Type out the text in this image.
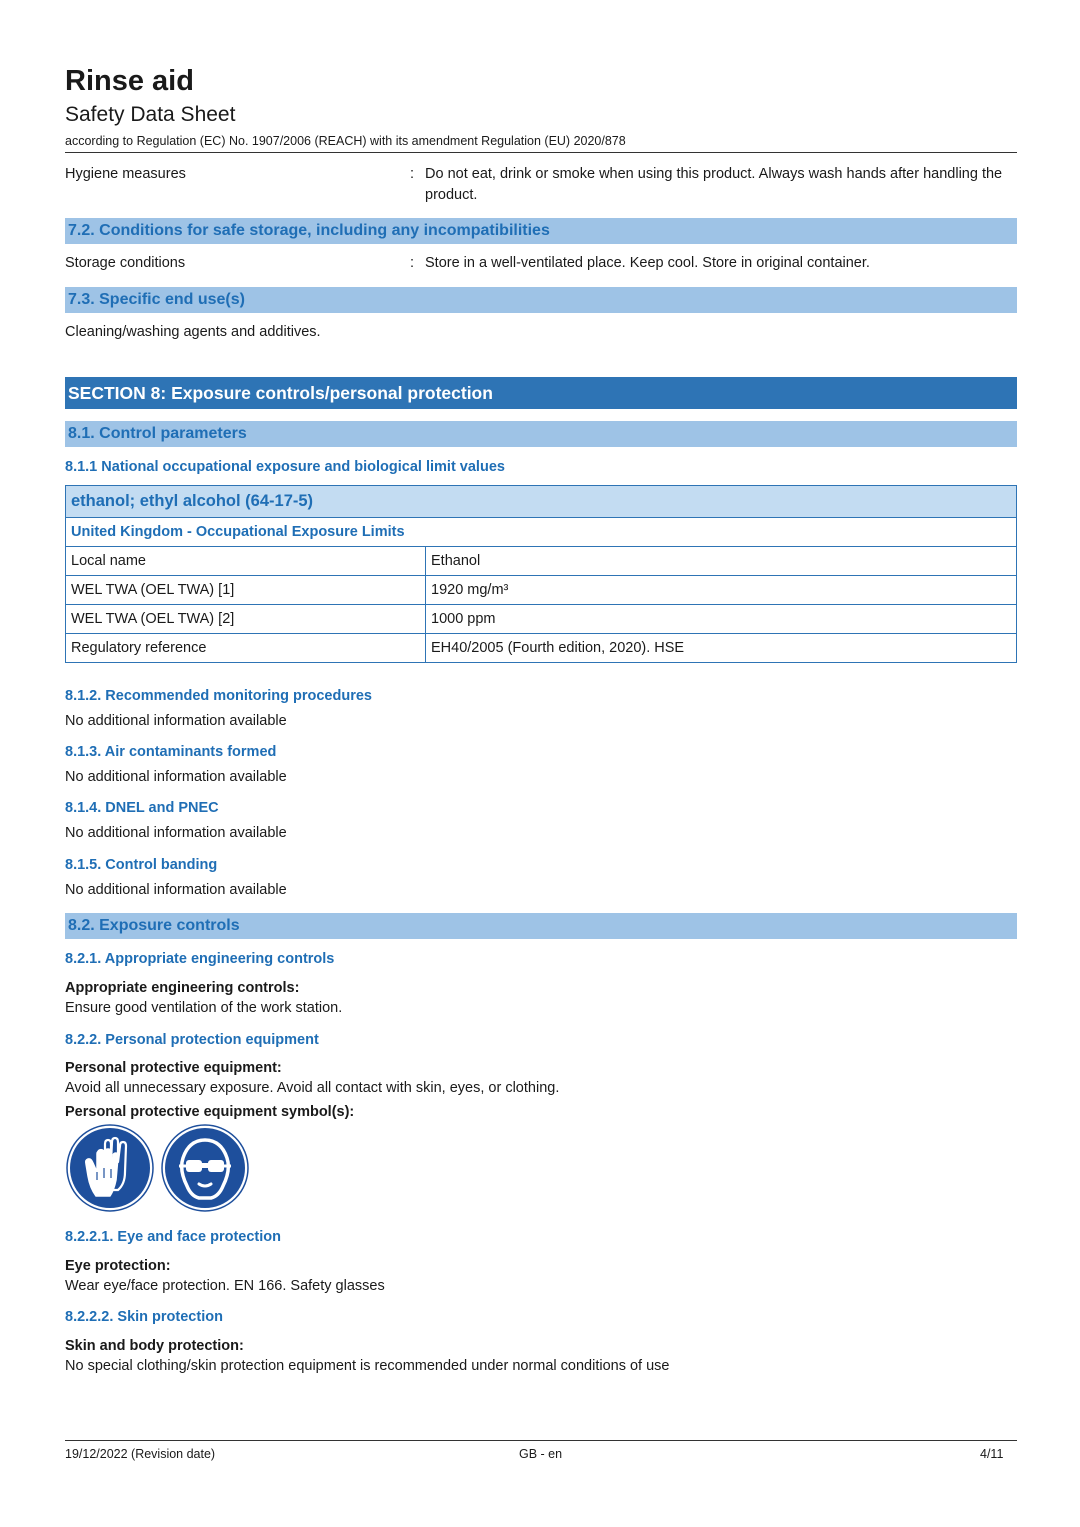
Rinse aid
Safety Data Sheet
according to Regulation (EC) No. 1907/2006 (REACH) with its amendment Regulation (EU) 2020/878
Hygiene measures	: Do not eat, drink or smoke when using this product. Always wash hands after handling the product.
7.2. Conditions for safe storage, including any incompatibilities
Storage conditions	: Store in a well-ventilated place. Keep cool. Store in original container.
7.3. Specific end use(s)
Cleaning/washing agents and additives.
SECTION 8: Exposure controls/personal protection
8.1. Control parameters
8.1.1 National occupational exposure and biological limit values
ethanol; ethyl alcohol (64-17-5)	
United Kingdom - Occupational Exposure Limits	
Local name	Ethanol
WEL TWA (OEL TWA) [1]	1920 mg/m³
WEL TWA (OEL TWA) [2]	1000 ppm
Regulatory reference	EH40/2005 (Fourth edition, 2020). HSE
8.1.2. Recommended monitoring procedures
No additional information available
8.1.3. Air contaminants formed
No additional information available
8.1.4. DNEL and PNEC
No additional information available
8.1.5. Control banding
No additional information available
8.2. Exposure controls
8.2.1. Appropriate engineering controls
Appropriate engineering controls:
Ensure good ventilation of the work station.
8.2.2. Personal protection equipment
Personal protective equipment:
Avoid all unnecessary exposure. Avoid all contact with skin, eyes, or clothing.
Personal protective equipment symbol(s):
8.2.2.1. Eye and face protection
Eye protection:
Wear eye/face protection. EN 166. Safety glasses
8.2.2.2. Skin protection
Skin and body protection:
No special clothing/skin protection equipment is recommended under normal conditions of use
19/12/2022 (Revision date)	GB - en	4/11
